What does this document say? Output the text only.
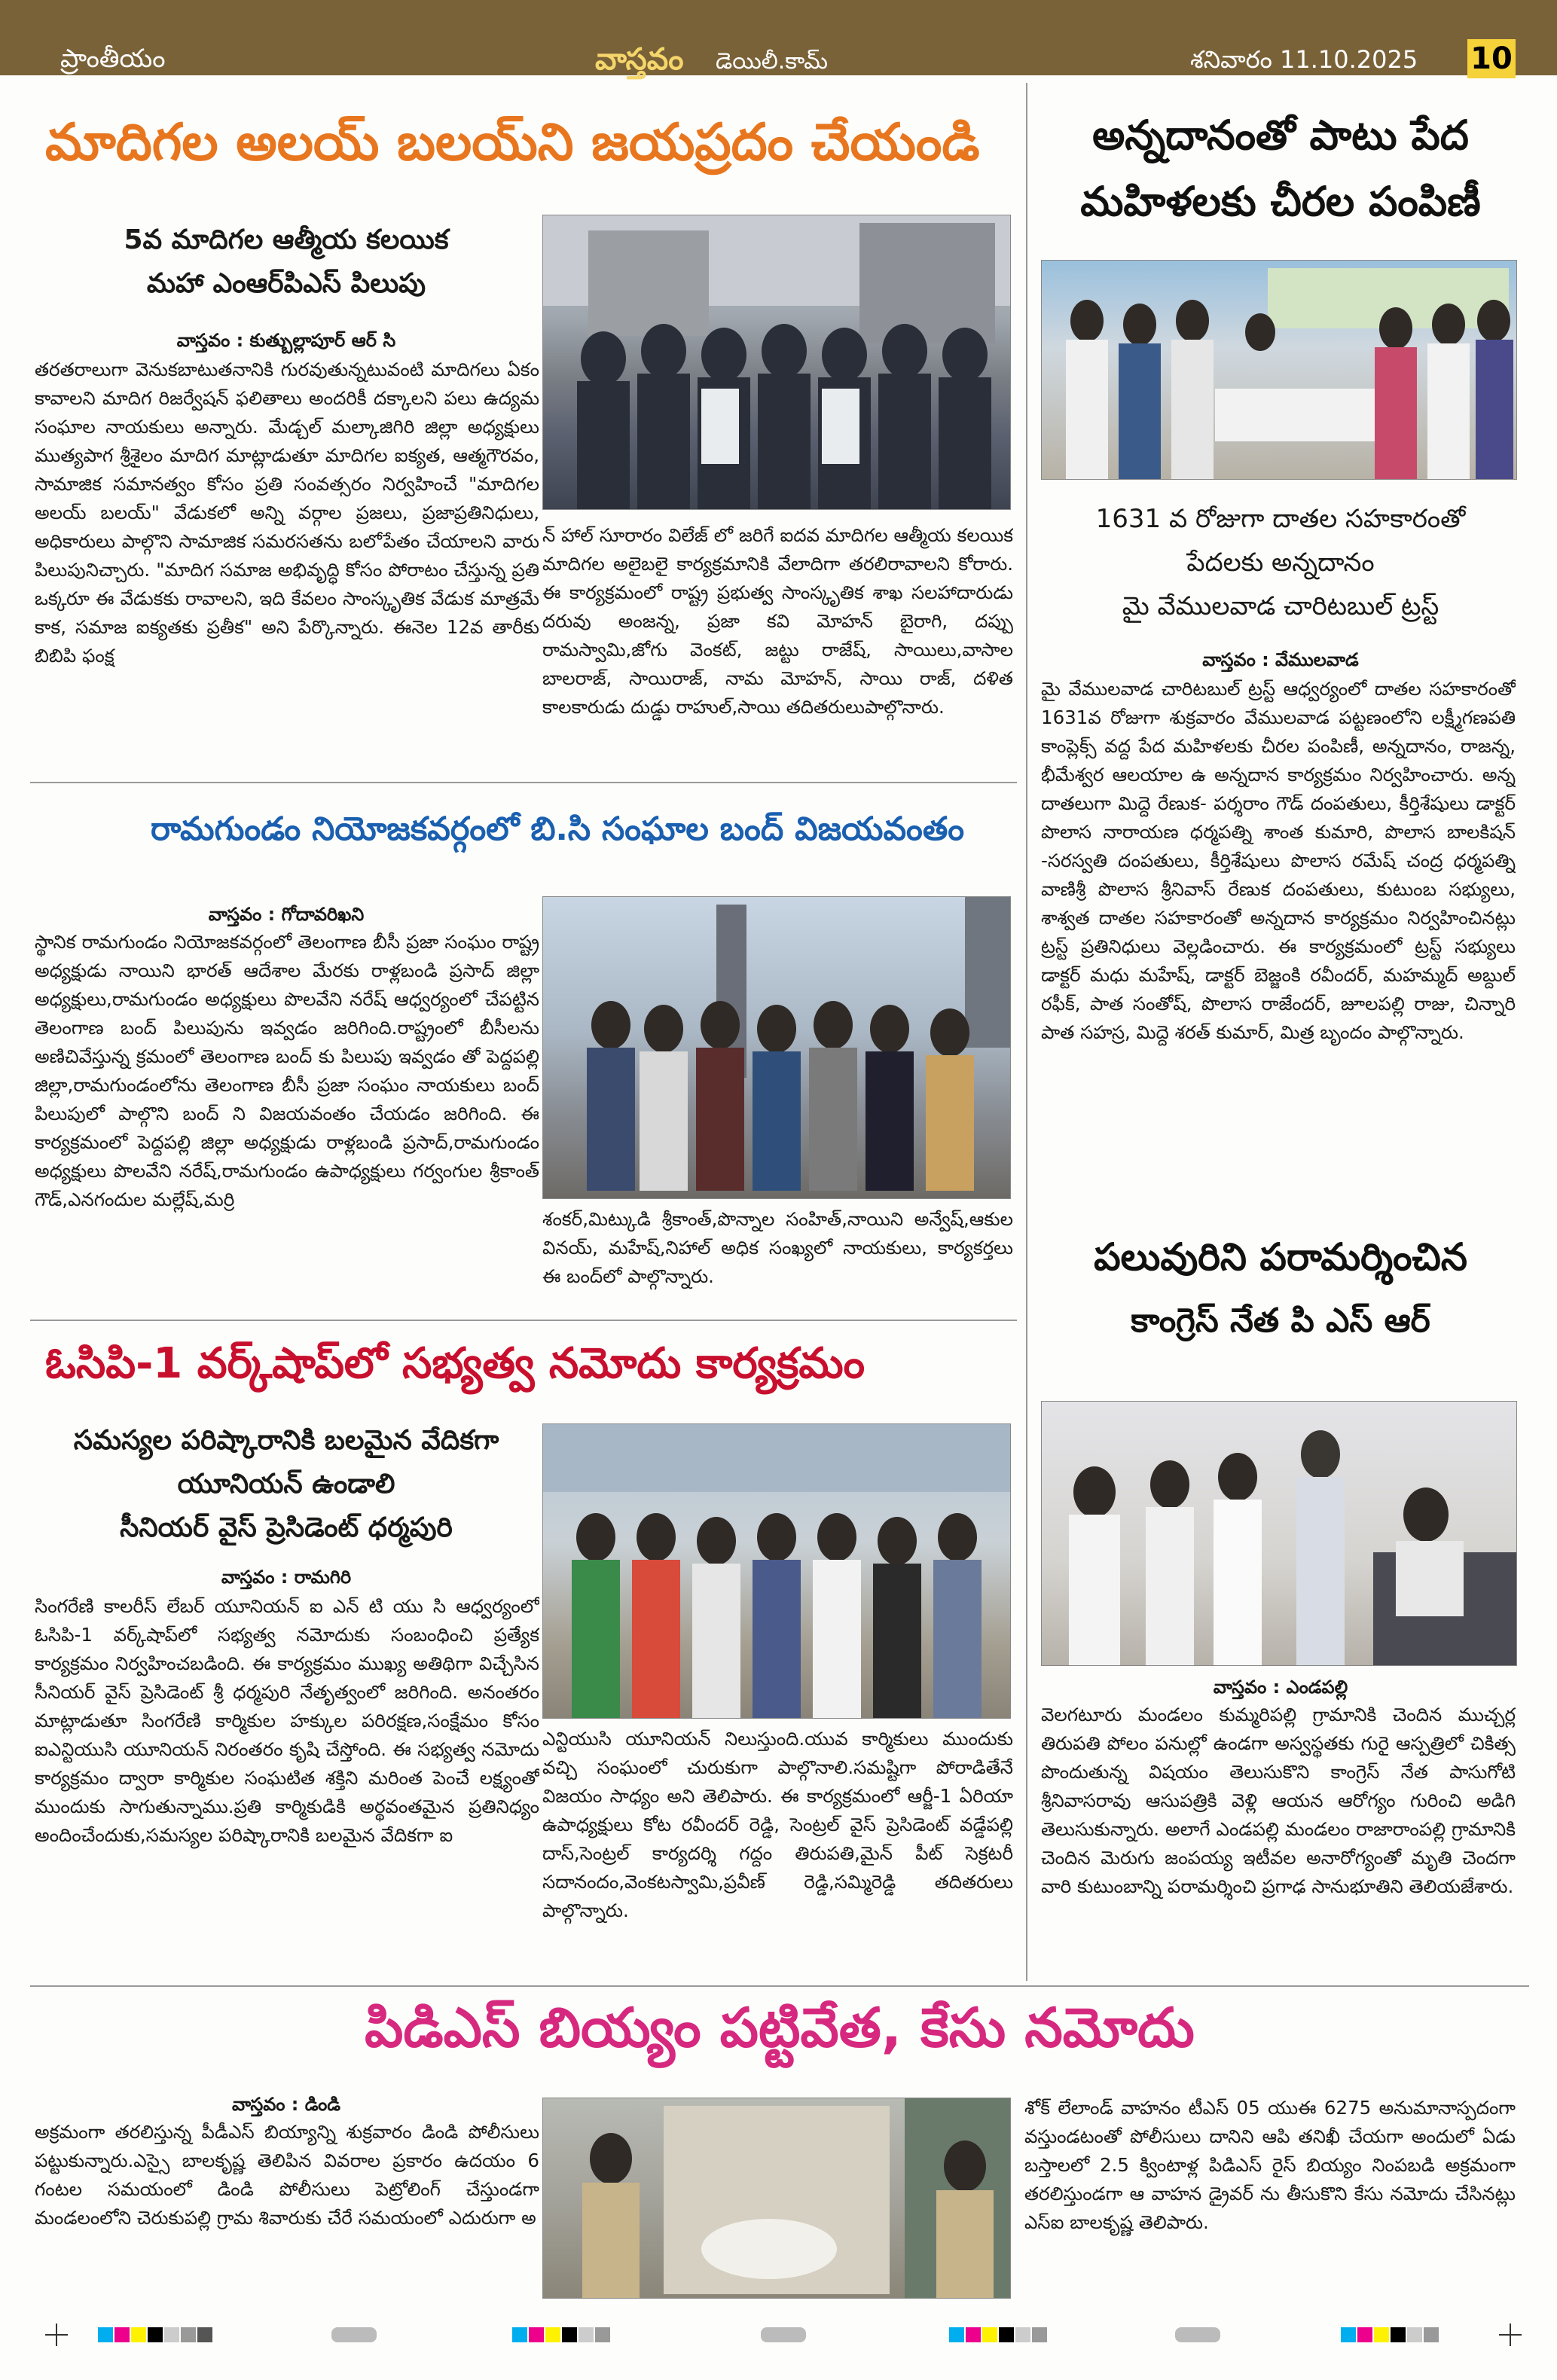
ప్రాంతీయం	వాస్తవం డెయిలీ.కామ్	శనివారం 11.10.2025 10
మాదిగల అలయ్ బలయ్‌ని జయప్రదం చేయండి
5వ మాదిగల ఆత్మీయ కలయిక
మహా ఎంఆర్‌పిఎస్ పిలుపు
వాస్తవం : కుత్బుల్లాపూర్ ఆర్ సి

తరతరాలుగా వెనుకబాటుతనానికి గురవుతున్నటువంటి మాదిగలు ఏకం కావాలని మాదిగ రిజర్వేషన్ ఫలితాలు అందరికీ దక్కాలని పలు ఉద్యమ సంఘాల నాయకులు అన్నారు. మేడ్చల్ మల్కాజిగిరి జిల్లా అధ్యక్షులు ముత్యపాగ శ్రీశైలం మాదిగ మాట్లాడుతూ మాదిగల ఐక్యత, ఆత్మగౌరవం, సామాజిక సమానత్వం కోసం ప్రతి సంవత్సరం నిర్వహించే "మాదిగల అలయ్ బలయ్" వేడుకలో అన్ని వర్గాల ప్రజలు, ప్రజాప్రతినిధులు, అధికారులు పాల్గొని సామాజిక సమరసతను బలోపేతం చేయాలని వారు పిలుపునిచ్చారు. "మాదిగ సమాజ అభివృద్ధి కోసం పోరాటం చేస్తున్న ప్రతి ఒక్కరూ ఈ వేడుకకు రావాలని, ఇది కేవలం సాంస్కృతిక వేడుక మాత్రమే కాక, సమాజ ఐక్యతకు ప్రతీక" అని పేర్కొన్నారు. ఈనెల 12వ తారీకు బిబిపి ఫంక్ష

న్ హాల్ సూరారం విలేజ్ లో జరిగే ఐదవ మాదిగల ఆత్మీయ కలయిక మాదిగల అలైబలై కార్యక్రమానికి వేలాదిగా తరలిరావాలని కోరారు. ఈ కార్యక్రమంలో రాష్ట్ర ప్రభుత్వ సాంస్కృతిక శాఖ సలహాదారుడు దరువు అంజన్న, ప్రజా కవి మోహన్ బైరాగి, దప్పు రామస్వామి,జోగు వెంకట్, జట్టు రాజేష్, సాయిలు,వాసాల బాలరాజ్, సాయిరాజ్, నామ మోహన్, సాయి రాజ్, దళిత కాలకారుడు దుడ్డు రాహుల్,సాయి తదితరులుపాల్గొనారు.

రామగుండం నియోజకవర్గంలో బి.సి సంఘాల బంద్ విజయవంతం
వాస్తవం : గోదావరిఖని

స్థానిక రామగుండం నియోజకవర్గంలో తెలంగాణ బీసీ ప్రజా సంఘం రాష్ట్ర అధ్యక్షుడు నాయిని భారత్ ఆదేశాల మేరకు రాళ్లబండి ప్రసాద్ జిల్లా అధ్యక్షులు,రామగుండం అధ్యక్షులు పొలవేని నరేష్ ఆధ్వర్యంలో చేపట్టిన తెలంగాణ బంద్ పిలుపును ఇవ్వడం జరిగింది.రాష్ట్రంలో బీసీలను అణిచివేస్తున్న క్రమంలో తెలంగాణ బంద్ కు పిలుపు ఇవ్వడం తో పెద్దపల్లి జిల్లా,రామగుండంలోను తెలంగాణ బీసీ ప్రజా సంఘం నాయకులు బంద్ పిలుపులో పాల్గొని బంద్ ని విజయవంతం చేయడం జరిగింది. ఈ కార్యక్రమంలో పెద్దపల్లి జిల్లా అధ్యక్షుడు రాళ్లబండి ప్రసాద్,రామగుండం అధ్యక్షులు పొలవేని నరేష్,రామగుండం ఉపాధ్యక్షులు గర్వంగుల శ్రీకాంత్ గౌడ్,ఎనగందుల మల్లేష్,మర్రి

శంకర్,మిట్కుడి శ్రీకాంత్,పొన్నాల సంహిత్,నాయిని అన్వేష్,ఆకుల వినయ్, మహేష్,నిహాల్ అధిక సంఖ్యలో నాయకులు, కార్యకర్తలు ఈ బంద్‌లో పాల్గొన్నారు.

ఓసిపి-1 వర్క్‌షాప్‌లో సభ్యత్వ నమోదు కార్యక్రమం
సమస్యల పరిష్కారానికి బలమైన వేదికగా
యూనియన్ ఉండాలి
సీనియర్ వైస్ ప్రెసిడెంట్ ధర్మపురి
వాస్తవం : రామగిరి

సింగరేణి కాలరీస్ లేబర్ యూనియన్ ఐ ఎన్ టి యు సి ఆధ్వర్యంలో ఓసిపి-1 వర్క్‌షాప్‌లో సభ్యత్వ నమోదుకు సంబంధించి ప్రత్యేక కార్యక్రమం నిర్వహించబడింది. ఈ కార్యక్రమం ముఖ్య అతిథిగా విచ్చేసిన సీనియర్ వైస్ ప్రెసిడెంట్ శ్రీ ధర్మపురి నేతృత్వంలో జరిగింది. అనంతరం మాట్లాడుతూ సింగరేణి కార్మికుల హక్కుల పరిరక్షణ,సంక్షేమం కోసం ఐఎన్టియుసి యూనియన్ నిరంతరం కృషి చేస్తోంది. ఈ సభ్యత్వ నమోదు కార్యక్రమం ద్వారా కార్మికుల సంఘటిత శక్తిని మరింత పెంచే లక్ష్యంతో ముందుకు సాగుతున్నాము.ప్రతి కార్మికుడికి అర్థవంతమైన ప్రతినిధ్యం అందించేందుకు,సమస్యల పరిష్కారానికి బలమైన వేదికగా ఐ

ఎన్టియుసి యూనియన్ నిలుస్తుంది.యువ కార్మికులు ముందుకు వచ్చి సంఘంలో చురుకుగా పాల్గొనాలి.సమష్టిగా పోరాడితేనే విజయం సాధ్యం అని తెలిపారు. ఈ కార్యక్రమంలో ఆర్జీ-1 ఏరియా ఉపాధ్యక్షులు కోట రవీందర్ రెడ్డి, సెంట్రల్ వైస్ ప్రెసిడెంట్ వడ్డేపల్లి దాస్,సెంట్రల్ కార్యదర్శి గద్దం తిరుపతి,మైన్ పీట్ సెక్రటరీ సదానందం,వెంకటస్వామి,ప్రవీణ్ రెడ్డి,సమ్మిరెడ్డి తదితరులు పాల్గొన్నారు.

అన్నదానంతో పాటు పేద
మహిళలకు చీరల పంపిణీ
1631 వ రోజుగా దాతల సహకారంతో
పేదలకు అన్నదానం
మై వేములవాడ చారిటబుల్ ట్రస్ట్
వాస్తవం : వేములవాడ

మై వేములవాడ చారిటబుల్ ట్రస్ట్ ఆధ్వర్యంలో దాతల సహకారంతో 1631వ రోజుగా శుక్రవారం వేములవాడ పట్టణంలోని లక్ష్మీగణపతి కాంప్లెక్స్ వద్ద పేద మహిళలకు చీరల పంపిణీ, అన్నదానం, రాజన్న, భీమేశ్వర ఆలయాల ఉ అన్నదాన కార్యక్రమం నిర్వహించారు. అన్న దాతలుగా మిద్దె రేణుక- పర్శరాం గౌడ్ దంపతులు, కీర్తిశేషులు డాక్టర్ పొలాస నారాయణ ధర్మపత్ని శాంత కుమారి, పొలాస బాలకిషన్ -సరస్వతి దంపతులు, కీర్తిశేషులు పొలాస రమేష్ చంద్ర ధర్మపత్ని వాణిశ్రీ పొలాస శ్రీనివాస్ రేణుక దంపతులు, కుటుంబ సభ్యులు, శాశ్వత దాతల సహకారంతో అన్నదాన కార్యక్రమం నిర్వహించినట్లు ట్రస్ట్ ప్రతినిధులు వెల్లడించారు. ఈ కార్యక్రమంలో ట్రస్ట్ సభ్యులు డాక్టర్ మధు మహేష్, డాక్టర్ బెజ్జంకి రవీందర్, మహమ్మద్ అబ్దుల్ రఫీక్, పాత సంతోష్, పొలాస రాజేందర్, జూలపల్లి రాజు, చిన్నారి పాత సహస్ర, మిద్దె శరత్ కుమార్, మిత్ర బృందం పాల్గొన్నారు.

పలువురిని పరామర్శించిన
కాంగ్రెస్ నేత పి ఎస్ ఆర్
వాస్తవం : ఎండపల్లి

వెలగటూరు మండలం కుమ్మరిపల్లి గ్రామానికి చెందిన ముచ్చర్ల తిరుపతి పోలం పనుల్లో ఉండగా అస్వస్థతకు గురై ఆస్పత్రిలో చికిత్స పొందుతున్న విషయం తెలుసుకొని కాంగ్రెస్ నేత పాసుగోటి శ్రీనివాసరావు ఆసుపత్రికి వెళ్లి ఆయన ఆరోగ్యం గురించి అడిగి తెలుసుకున్నారు. అలాగే ఎండపల్లి మండలం రాజారాంపల్లి గ్రామానికి చెందిన మెరుగు జంపయ్య ఇటీవల అనారోగ్యంతో మృతి చెందగా వారి కుటుంబాన్ని పరామర్శించి ప్రగాఢ సానుభూతిని తెలియజేశారు.

పిడిఎస్ బియ్యం పట్టివేత, కేసు నమోదు
వాస్తవం : డిండి

అక్రమంగా తరలిస్తున్న పీడీఎస్ బియ్యాన్ని శుక్రవారం డిండి పోలీసులు పట్టుకున్నారు.ఎస్సై బాలకృష్ణ తెలిపిన వివరాల ప్రకారం ఉదయం 6 గంటల సమయంలో డిండి పోలీసులు పెట్రోలింగ్ చేస్తుండగా మండలంలోని చెరుకుపల్లి గ్రామ శివారుకు చేరే సమయంలో ఎదురుగా అ

శోక్ లేలాండ్ వాహనం టీఎస్ 05 యుఈ 6275 అనుమానాస్పదంగా వస్తుండటంతో పోలీసులు దానిని ఆపి తనిఖీ చేయగా అందులో ఏడు బస్తాలలో 2.5 క్వింటాళ్ల పిడిఎస్ రైస్ బియ్యం నింపబడి అక్రమంగా తరలిస్తుండగా ఆ వాహన డ్రైవర్ ను తీసుకొని కేసు నమోదు చేసినట్లు ఎస్ఐ బాలకృష్ణ తెలిపారు.
